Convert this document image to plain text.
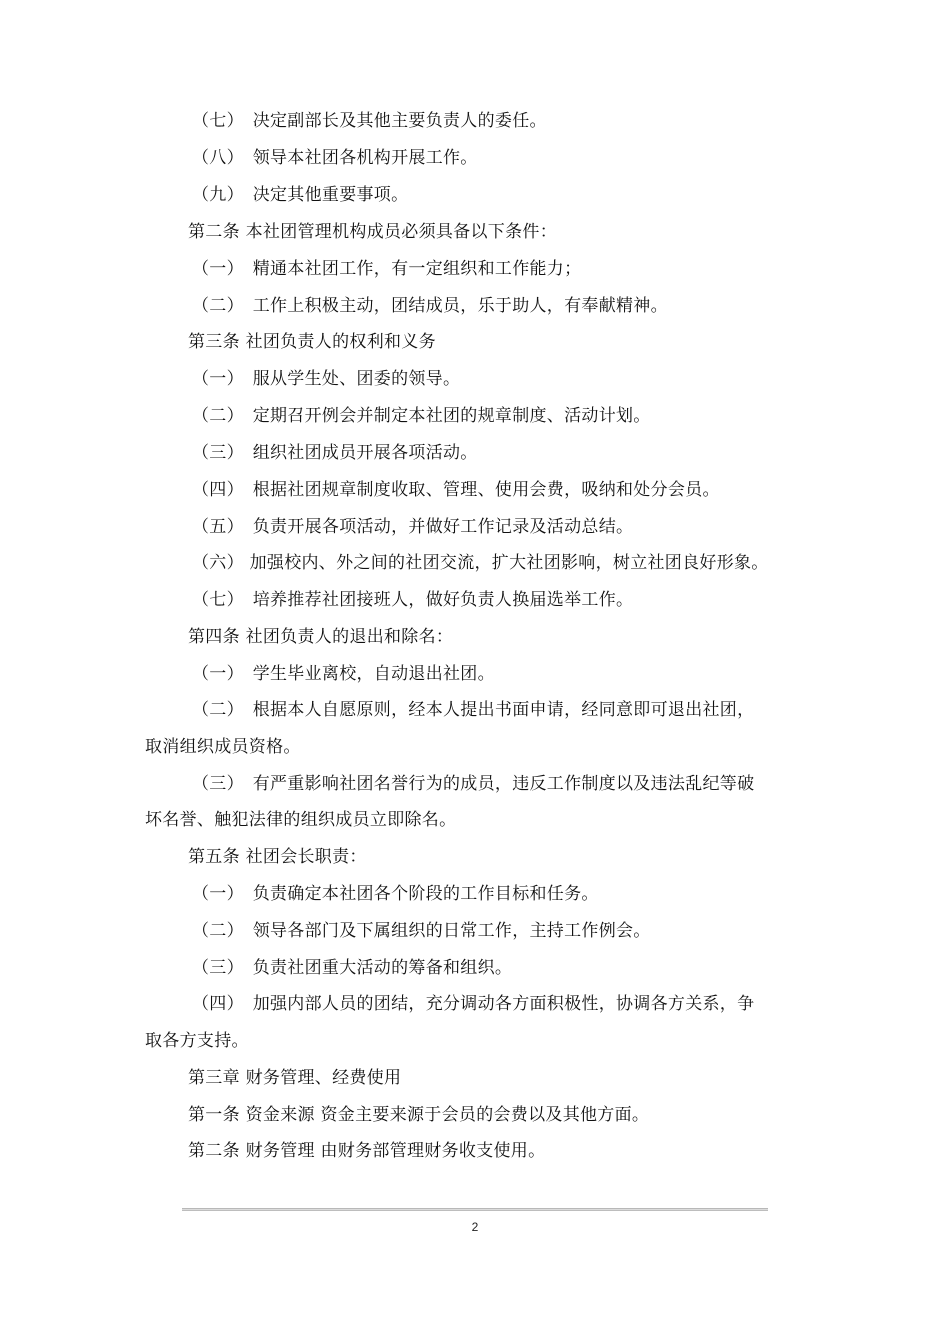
（七）　决定副部长及其他主要负责人的委任。
（八）　领导本社团各机构开展工作。
（九）　决定其他重要事项。
第二条 本社团管理机构成员必须具备以下条件：
（一）　精通本社团工作，有一定组织和工作能力；
（二）　工作上积极主动，团结成员，乐于助人，有奉献精神。
第三条 社团负责人的权利和义务
（一）　服从学生处、团委的领导。
（二）　定期召开例会并制定本社团的规章制度、活动计划。
（三）　组织社团成员开展各项活动。
（四）　根据社团规章制度收取、管理、使用会费，吸纳和处分会员。
（五）　负责开展各项活动，并做好工作记录及活动总结。
（六） 加强校内、外之间的社团交流，扩大社团影响，树立社团良好形象。
（七）　培养推荐社团接班人，做好负责人换届选举工作。
第四条 社团负责人的退出和除名：
（一）　学生毕业离校，自动退出社团。
（二）　根据本人自愿原则，经本人提出书面申请，经同意即可退出社团，
取消组织成员资格。
（三）　有严重影响社团名誉行为的成员，违反工作制度以及违法乱纪等破
坏名誉、触犯法律的组织成员立即除名。
第五条 社团会长职责：
（一）　负责确定本社团各个阶段的工作目标和任务。
（二）　领导各部门及下属组织的日常工作，主持工作例会。
（三）　负责社团重大活动的筹备和组织。
（四）　加强内部人员的团结，充分调动各方面积极性，协调各方关系，争
取各方支持。
第三章 财务管理、经费使用
第一条 资金来源 资金主要来源于会员的会费以及其他方面。
第二条 财务管理 由财务部管理财务收支使用。
2
